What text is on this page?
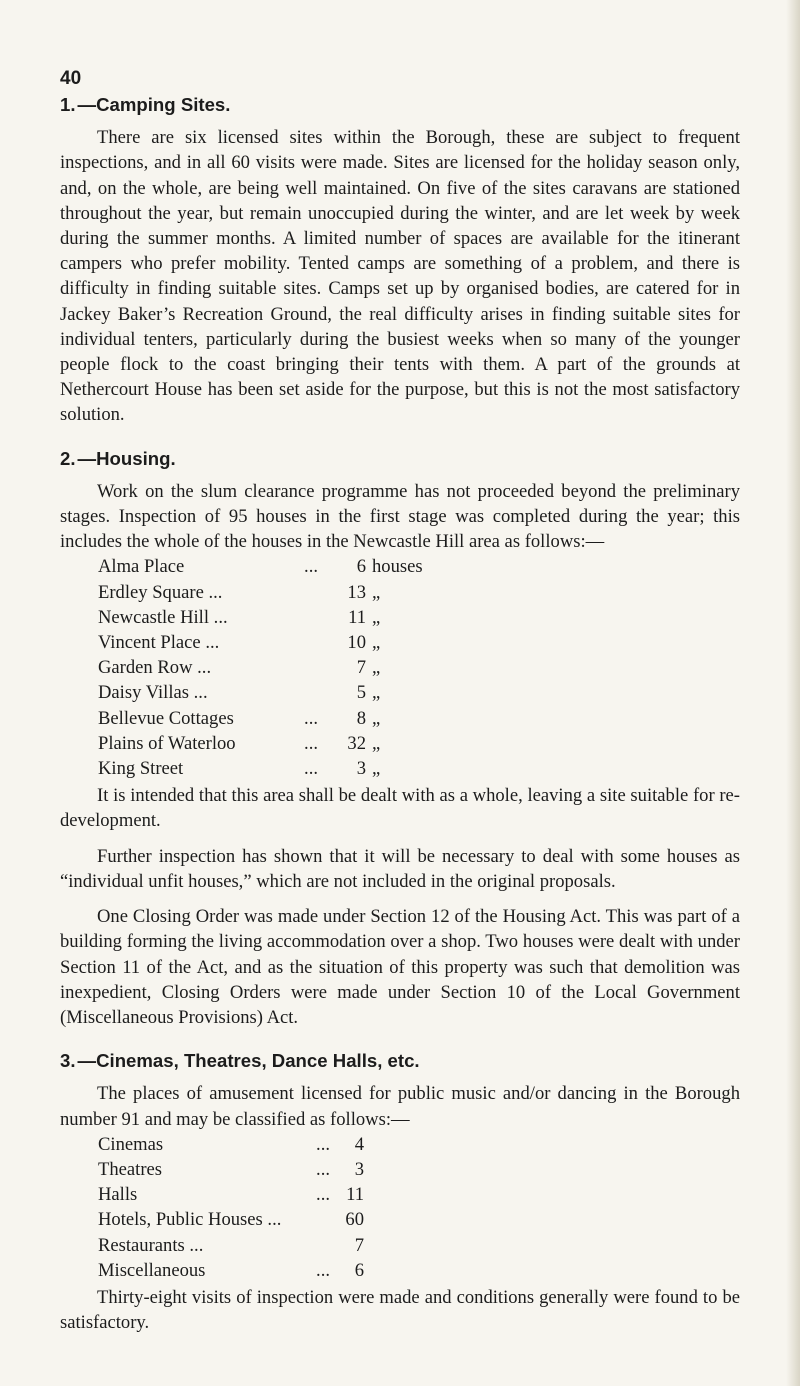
40
1. —Camping Sites.

There are six licensed sites within the Borough, these are subject to frequent inspections, and in all 60 visits were made. Sites are licensed for the holiday season only, and, on the whole, are being well maintained. On five of the sites caravans are stationed throughout the year, but remain unoccupied during the winter, and are let week by week during the summer months. A limited number of spaces are available for the itinerant campers who prefer mobility. Tented camps are something of a problem, and there is difficulty in finding suitable sites. Camps set up by organised bodies, are catered for in Jackey Baker’s Recreation Ground, the real difficulty arises in finding suitable sites for individual tenters, particularly during the busiest weeks when so many of the younger people flock to the coast bringing their tents with them. A part of the grounds at Nethercourt House has been set aside for the purpose, but this is not the most satisfactory solution.

2. —Housing.

Work on the slum clearance programme has not proceeded beyond the preliminary stages. Inspection of 95 houses in the first stage was completed during the year; this includes the whole of the houses in the Newcastle Hill area as follows:—

Alma Place ...	6	houses
Erdley Square ...	13	„
Newcastle Hill ...	11	„
Vincent Place ...	10	„
Garden Row ...	7	„
Daisy Villas ...	5	„
Bellevue Cottages ...	8	„
Plains of Waterloo ...	32	„
King Street ...	3	„

It is intended that this area shall be dealt with as a whole, leaving a site suitable for re-development.

Further inspection has shown that it will be necessary to deal with some houses as “individual unfit houses,” which are not included in the original proposals.

One Closing Order was made under Section 12 of the Housing Act. This was part of a building forming the living accommodation over a shop. Two houses were dealt with under Section 11 of the Act, and as the situation of this property was such that demolition was inexpedient, Closing Orders were made under Section 10 of the Local Government (Miscellaneous Provisions) Act.

3. —Cinemas, Theatres, Dance Halls, etc.

The places of amusement licensed for public music and/or dancing in the Borough number 91 and may be classified as follows:—

Cinemas ...	4
Theatres ...	3
Halls ...	11
Hotels, Public Houses ...	60
Restaurants ...	7
Miscellaneous ...	6

Thirty-eight visits of inspection were made and conditions generally were found to be satisfactory.
